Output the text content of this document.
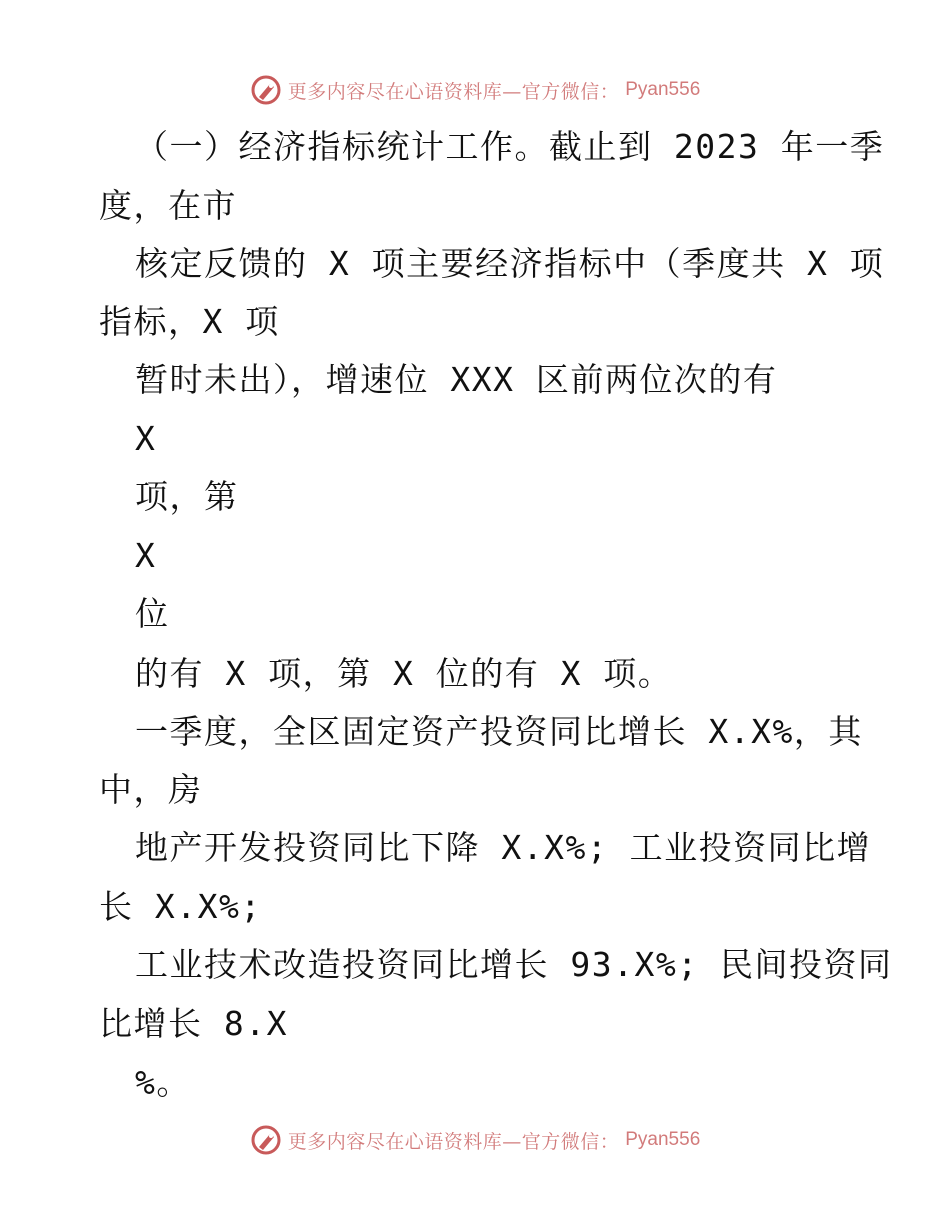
更多内容尽在心语资料库—官方微信： Pyan556
（一）经济指标统计工作。截止到 2023 年一季
度，在市
核定反馈的 X 项主要经济指标中（季度共 X 项
指标，X 项
暂时未出），增速位 XXX 区前两位次的有
X
项，第
X
位
的有 X 项，第 X 位的有 X 项。
一季度，全区固定资产投资同比增长 X.X%，其
中，房
地产开发投资同比下降 X.X%; 工业投资同比增
长 X.X%;
工业技术改造投资同比增长 93.X%; 民间投资同
比增长 8.X
%。
更多内容尽在心语资料库—官方微信： Pyan556
